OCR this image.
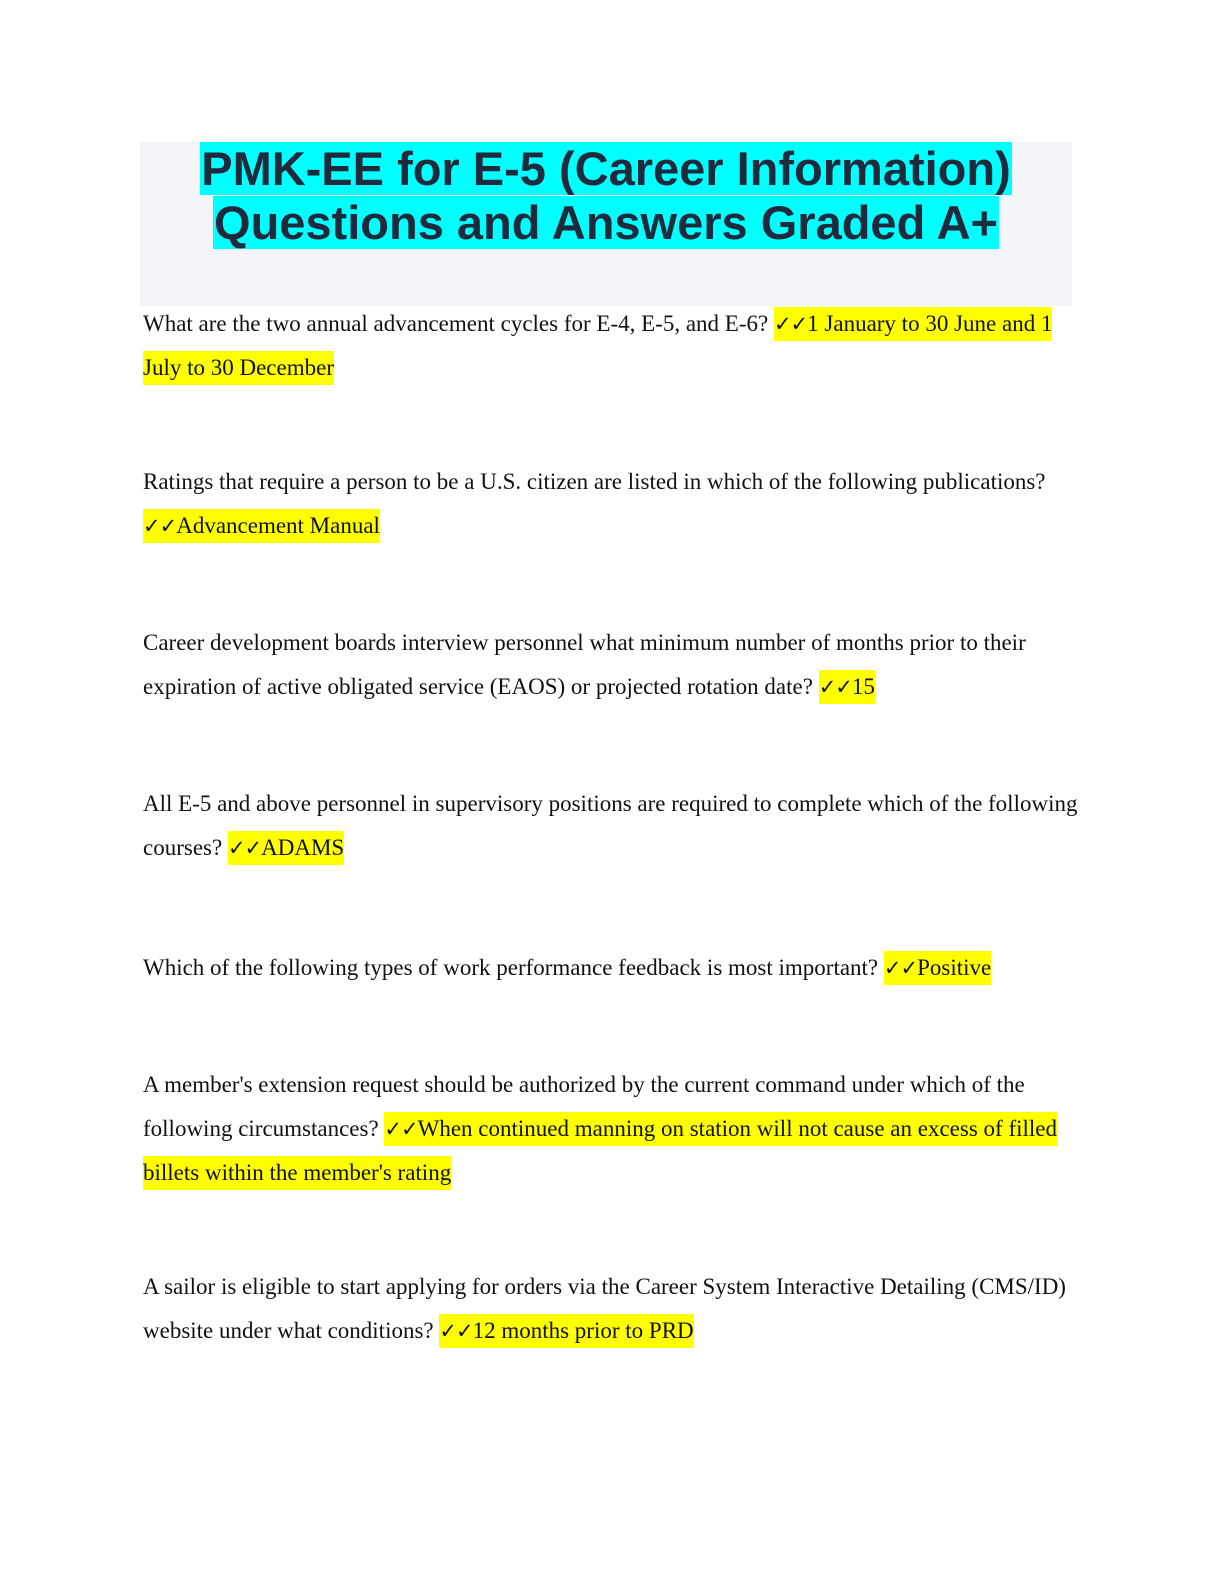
PMK-EE for E-5 (Career Information)
Questions and Answers Graded A+

What are the two annual advancement cycles for E-4, E-5, and E-6? ✓✓1 January to 30 June and 1 July to 30 December

Ratings that require a person to be a U.S. citizen are listed in which of the following publications? ✓✓Advancement Manual

Career development boards interview personnel what minimum number of months prior to their expiration of active obligated service (EAOS) or projected rotation date? ✓✓15

All E-5 and above personnel in supervisory positions are required to complete which of the following courses? ✓✓ADAMS

Which of the following types of work performance feedback is most important? ✓✓Positive

A member's extension request should be authorized by the current command under which of the following circumstances? ✓✓When continued manning on station will not cause an excess of filled billets within the member's rating

A sailor is eligible to start applying for orders via the Career System Interactive Detailing (CMS/ID) website under what conditions? ✓✓12 months prior to PRD
